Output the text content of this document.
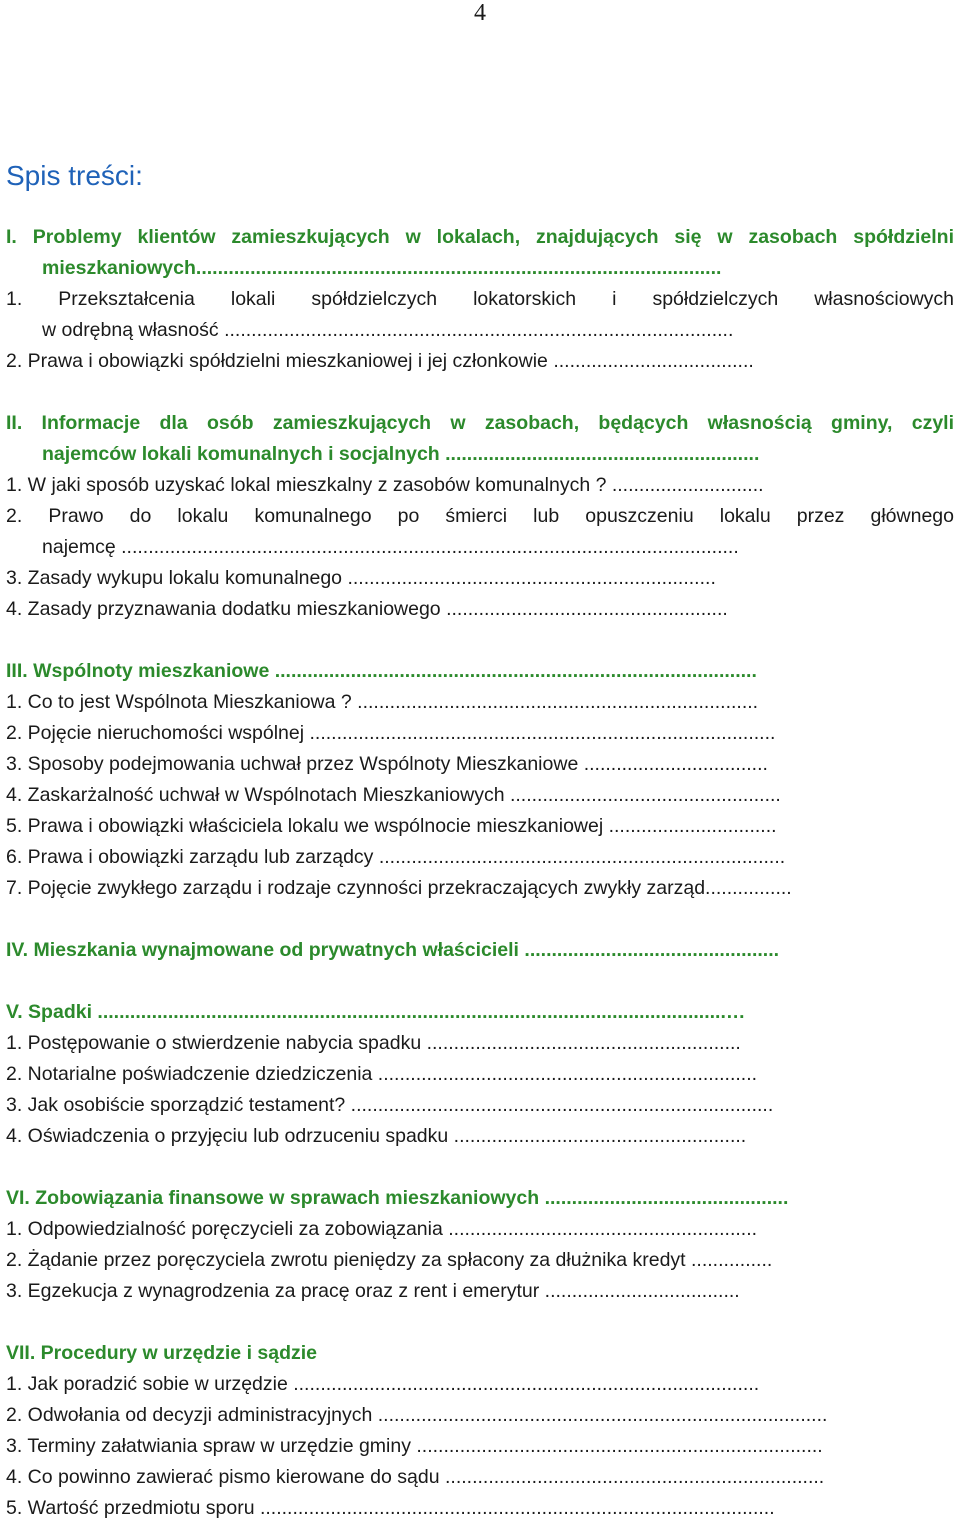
4
Spis treści:
I. Problemy klientów zamieszkujących w lokalach, znajdujących się w zasobach spółdzielni
mieszkaniowych.................................................................................................
1. Przekształcenia lokali spółdzielczych lokatorskich i spółdzielczych własnościowych
w odrębną własność ..............................................................................................
2. Prawa i obowiązki spółdzielni mieszkaniowej i jej członkowie .....................................
II. Informacje dla osób zamieszkujących w zasobach, będących własnością gminy, czyli
najemców lokali komunalnych i socjalnych ..........................................................
1. W jaki sposób uzyskać lokal mieszkalny z zasobów komunalnych ? ............................
2. Prawo do lokalu komunalnego po śmierci lub opuszczeniu lokalu przez głównego
najemcę ..................................................................................................................
3. Zasady wykupu lokalu komunalnego ....................................................................
4. Zasady przyznawania dodatku mieszkaniowego ....................................................
III. Wspólnoty mieszkaniowe .........................................................................................
1. Co to jest Wspólnota Mieszkaniowa ? ..........................................................................
2. Pojęcie nieruchomości wspólnej ......................................................................................
3. Sposoby podejmowania uchwał przez Wspólnoty Mieszkaniowe ..................................
4. Zaskarżalność uchwał w Wspólnotach Mieszkaniowych ..................................................
5. Prawa i obowiązki właściciela lokalu we wspólnocie mieszkaniowej ...............................
6. Prawa i obowiązki zarządu lub zarządcy ...........................................................................
7. Pojęcie zwykłego zarządu i rodzaje czynności przekraczających zwykły zarząd................
IV. Mieszkania wynajmowane od prywatnych właścicieli ...............................................
V. Spadki ....................................................................................................................…
1. Postępowanie o stwierdzenie nabycia spadku ..........................................................
2. Notarialne poświadczenie dziedziczenia ......................................................................
3. Jak osobiście sporządzić testament? ..............................................................................
4. Oświadczenia o przyjęciu lub odrzuceniu spadku ......................................................
VI. Zobowiązania finansowe w sprawach mieszkaniowych .............................................
1. Odpowiedzialność poręczycieli za zobowiązania .........................................................
2. Żądanie przez poręczyciela zwrotu pieniędzy za spłacony za dłużnika kredyt ...............
3. Egzekucja z wynagrodzenia za pracę oraz z rent i emerytur ....................................
VII. Procedury w urzędzie i sądzie
1. Jak poradzić sobie w urzędzie ......................................................................................
2. Odwołania od decyzji administracyjnych ...................................................................................
3. Terminy załatwiania spraw w urzędzie gminy ...........................................................................
4. Co powinno zawierać pismo kierowane do sądu ......................................................................
5. Wartość przedmiotu sporu ...............................................................................................
